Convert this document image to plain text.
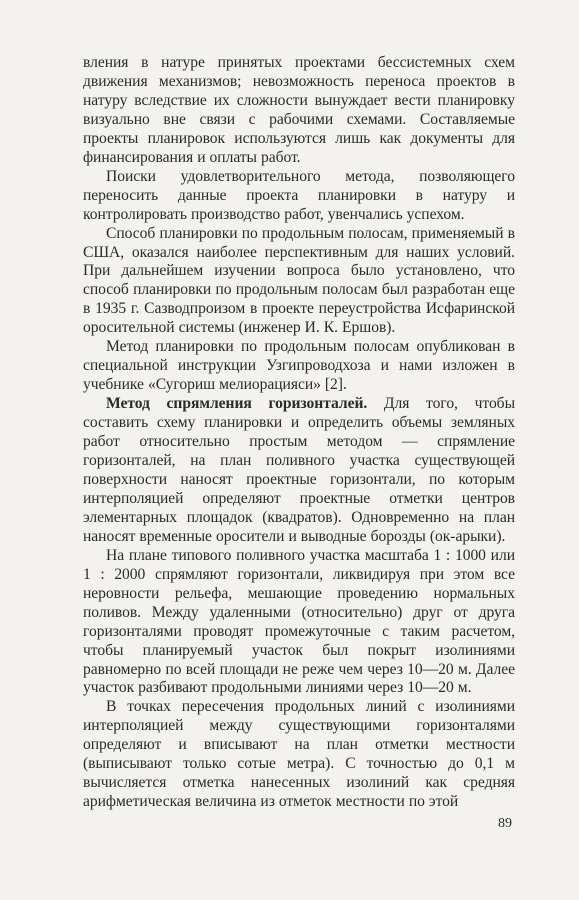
вления в натуре принятых проектами бессистемных схем движения механизмов; невозможность переноса проектов в натуру вследствие их сложности вынуждает вести планировку визуально вне связи с рабочими схемами. Составляемые проекты планировок используются лишь как документы для финансирования и оплаты работ.

Поиски удовлетворительного метода, позволяющего переносить данные проекта планировки в натуру и контролировать производство работ, увенчались успехом.

Способ планировки по продольным полосам, применяемый в США, оказался наиболее перспективным для наших условий. При дальнейшем изучении вопроса было установлено, что способ планировки по продольным полосам был разработан еще в 1935 г. Сазводпроизом в проекте переустройства Исфаринской оросительной системы (инженер И. К. Ершов).

Метод планировки по продольным полосам опубликован в специальной инструкции Узгипроводхоза и нами изложен в учебнике «Сугориш мелиорацияси» [2].

Метод спрямления горизонталей. Для того, чтобы составить схему планировки и определить объемы земляных работ относительно простым методом — спрямление горизонталей, на план поливного участка существующей поверхности наносят проектные горизонтали, по которым интерполяцией определяют проектные отметки центров элементарных площадок (квадратов). Одновременно на план наносят временные оросители и выводные борозды (ок-арыки).

На плане типового поливного участка масштаба 1 : 1000 или 1 : 2000 спрямляют горизонтали, ликвидируя при этом все неровности рельефа, мешающие проведению нормальных поливов. Между удаленными (относительно) друг от друга горизонталями проводят промежуточные с таким расчетом, чтобы планируемый участок был покрыт изолиниями равномерно по всей площади не реже чем через 10—20 м. Далее участок разбивают продольными линиями через 10—20 м.

В точках пересечения продольных линий с изолиниями интерполяцией между существующими горизонталями определяют и вписывают на план отметки местности (выписывают только сотые метра). С точностью до 0,1 м вычисляется отметка нанесенных изолиний как средняя арифметическая величина из отметок местности по этой

89
